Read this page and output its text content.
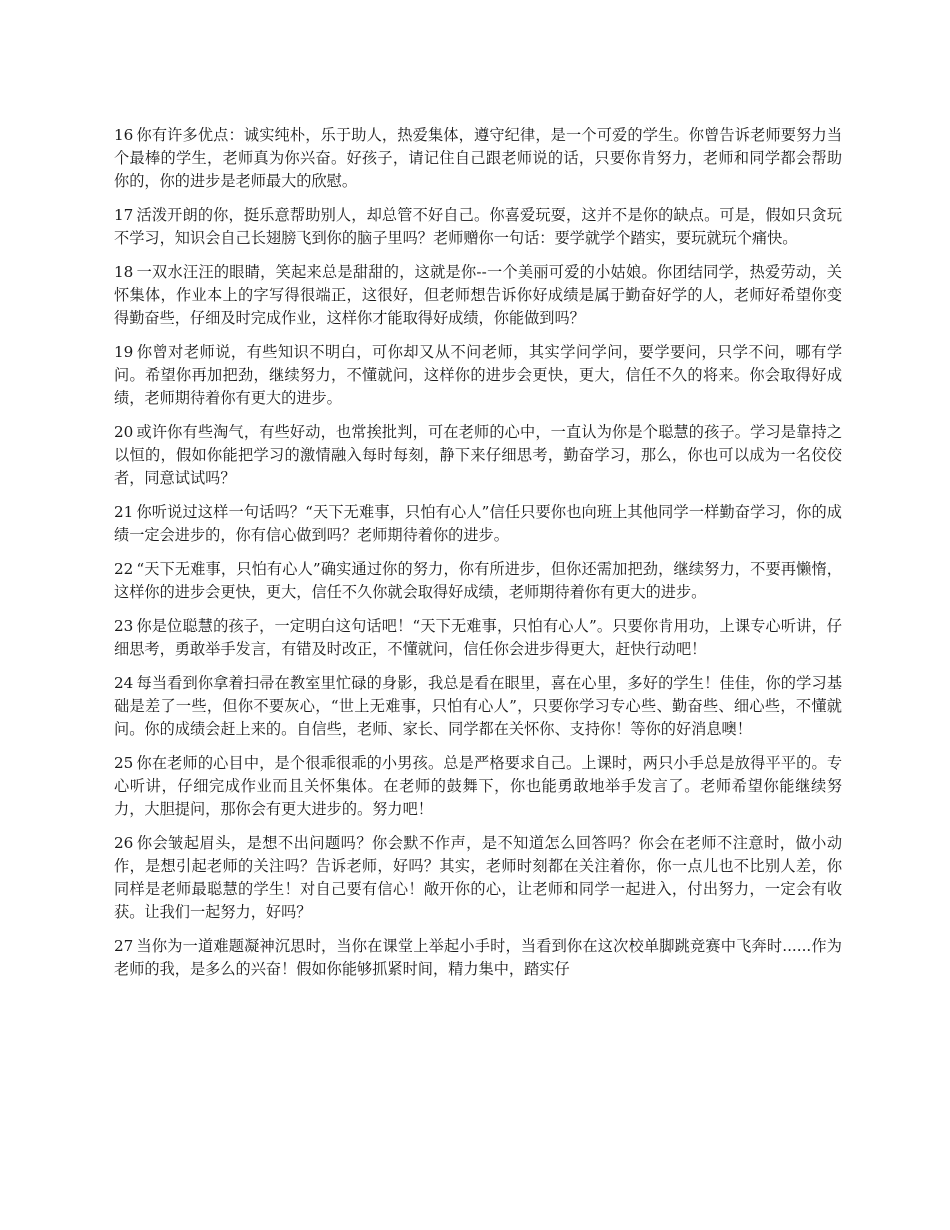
16 你有许多优点：诚实纯朴，乐于助人，热爱集体，遵守纪律，是一个可爱的学生。你曾告诉老师要努力当个最棒的学生，老师真为你兴奋。好孩子，请记住自己跟老师说的话，只要你肯努力，老师和同学都会帮助你的，你的进步是老师最大的欣慰。

17 活泼开朗的你，挺乐意帮助别人，却总管不好自己。你喜爱玩耍，这并不是你的缺点。可是，假如只贪玩不学习，知识会自己长翅膀飞到你的脑子里吗？老师赠你一句话：要学就学个踏实，要玩就玩个痛快。

18 一双水汪汪的眼睛，笑起来总是甜甜的，这就是你--一个美丽可爱的小姑娘。你团结同学，热爱劳动，关怀集体，作业本上的字写得很端正，这很好，但老师想告诉你好成绩是属于勤奋好学的人，老师好希望你变得勤奋些，仔细及时完成作业，这样你才能取得好成绩，你能做到吗？

19 你曾对老师说，有些知识不明白，可你却又从不问老师，其实学问学问，要学要问，只学不问，哪有学问。希望你再加把劲，继续努力，不懂就问，这样你的进步会更快，更大，信任不久的将来。你会取得好成绩，老师期待着你有更大的进步。

20 或许你有些淘气，有些好动，也常挨批判，可在老师的心中，一直认为你是个聪慧的孩子。学习是靠持之以恒的，假如你能把学习的激情融入每时每刻，静下来仔细思考，勤奋学习，那么，你也可以成为一名佼佼者，同意试试吗？

21 你听说过这样一句话吗？“天下无难事，只怕有心人”信任只要你也向班上其他同学一样勤奋学习，你的成绩一定会进步的，你有信心做到吗？老师期待着你的进步。

22 “天下无难事，只怕有心人”确实通过你的努力，你有所进步，但你还需加把劲，继续努力，不要再懒惰，这样你的进步会更快，更大，信任不久你就会取得好成绩，老师期待着你有更大的进步。

23 你是位聪慧的孩子，一定明白这句话吧！“天下无难事，只怕有心人”。只要你肯用功，上课专心听讲，仔细思考，勇敢举手发言，有错及时改正，不懂就问，信任你会进步得更大，赶快行动吧！

24 每当看到你拿着扫帚在教室里忙碌的身影，我总是看在眼里，喜在心里，多好的学生！佳佳，你的学习基础是差了一些，但你不要灰心，“世上无难事，只怕有心人”，只要你学习专心些、勤奋些、细心些，不懂就问。你的成绩会赶上来的。自信些，老师、家长、同学都在关怀你、支持你！等你的好消息噢！

25 你在老师的心目中，是个很乖很乖的小男孩。总是严格要求自己。上课时，两只小手总是放得平平的。专心听讲，仔细完成作业而且关怀集体。在老师的鼓舞下，你也能勇敢地举手发言了。老师希望你能继续努力，大胆提问，那你会有更大进步的。努力吧！

26 你会皱起眉头，是想不出问题吗？你会默不作声，是不知道怎么回答吗？你会在老师不注意时，做小动作，是想引起老师的关注吗？告诉老师，好吗？其实，老师时刻都在关注着你，你一点儿也不比别人差，你同样是老师最聪慧的学生！对自己要有信心！敞开你的心，让老师和同学一起进入，付出努力，一定会有收获。让我们一起努力，好吗？

27 当你为一道难题凝神沉思时，当你在课堂上举起小手时，当看到你在这次校单脚跳竞赛中飞奔时......作为老师的我，是多么的兴奋！假如你能够抓紧时间，精力集中，踏实仔
